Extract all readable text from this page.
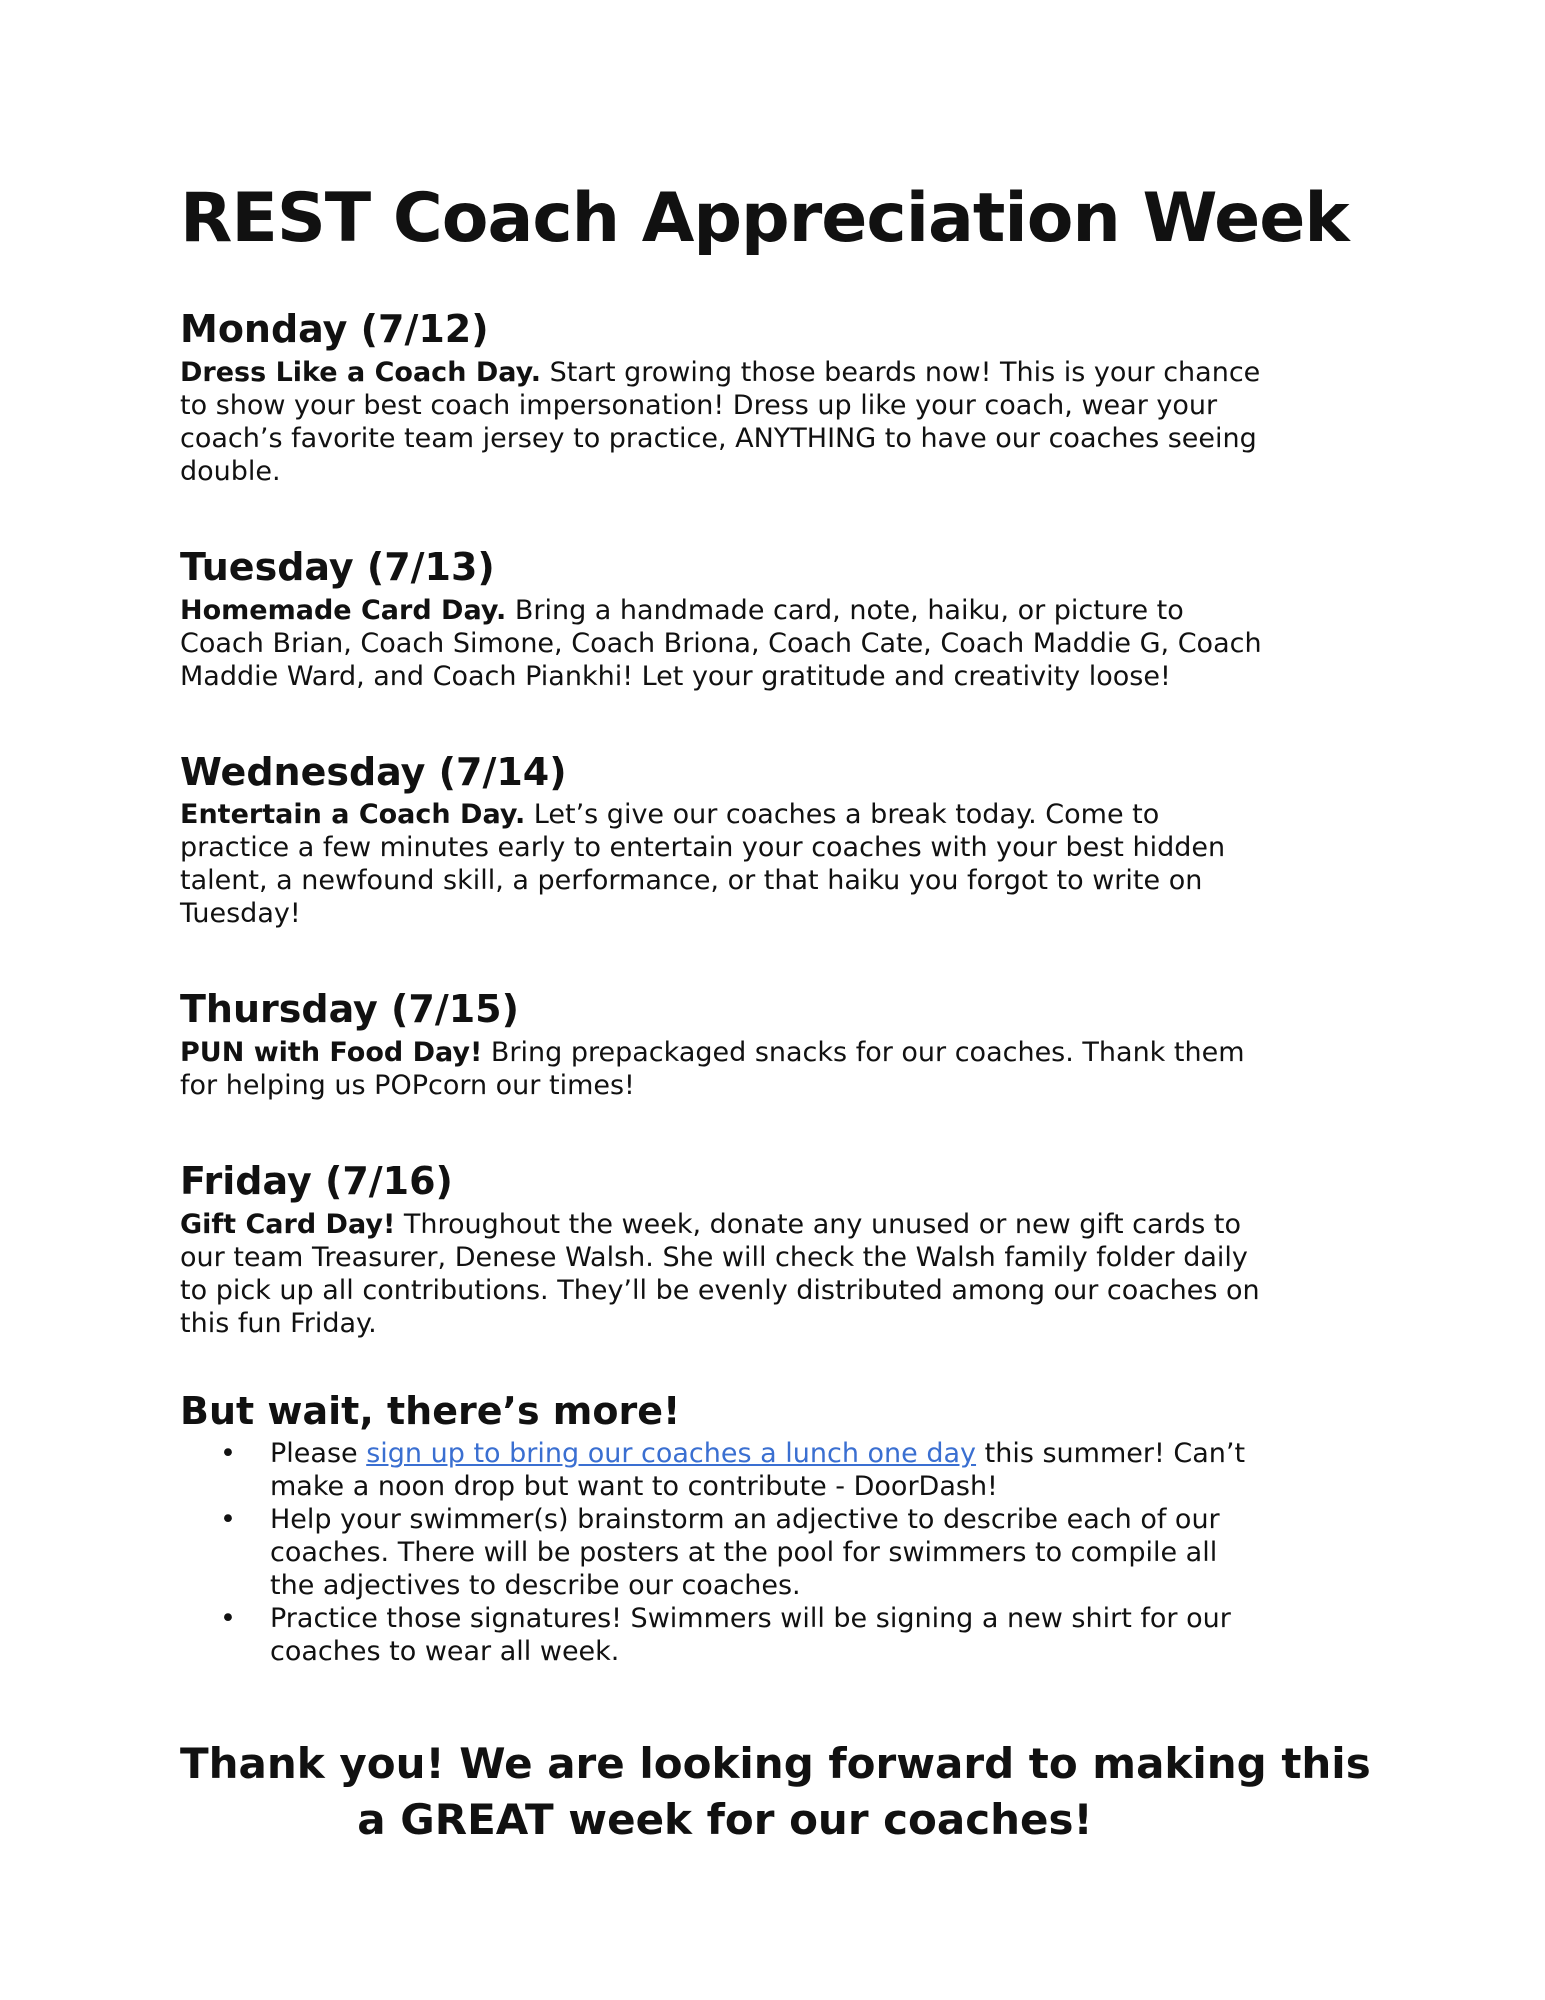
REST Coach Appreciation Week
Monday (7/12)

Dress Like a Coach Day. Start growing those beards now! This is your chance to show your best coach impersonation! Dress up like your coach, wear your coach’s favorite team jersey to practice, ANYTHING to have our coaches seeing double.

Tuesday (7/13)

Homemade Card Day. Bring a handmade card, note, haiku, or picture to Coach Brian, Coach Simone, Coach Briona, Coach Cate, Coach Maddie G, Coach Maddie Ward, and Coach Piankhi! Let your gratitude and creativity loose!

Wednesday (7/14)

Entertain a Coach Day. Let’s give our coaches a break today. Come to practice a few minutes early to entertain your coaches with your best hidden talent, a newfound skill, a performance, or that haiku you forgot to write on Tuesday!

Thursday (7/15)

PUN with Food Day! Bring prepackaged snacks for our coaches. Thank them for helping us POPcorn our times!

Friday (7/16)

Gift Card Day! Throughout the week, donate any unused or new gift cards to our team Treasurer, Denese Walsh. She will check the Walsh family folder daily to pick up all contributions. They’ll be evenly distributed among our coaches on this fun Friday.

But wait, there’s more!
• Please sign up to bring our coaches a lunch one day this summer! Can’t make a noon drop but want to contribute - DoorDash!
• Help your swimmer(s) brainstorm an adjective to describe each of our coaches. There will be posters at the pool for swimmers to compile all the adjectives to describe our coaches.
• Practice those signatures! Swimmers will be signing a new shirt for our coaches to wear all week.
Thank you! We are looking forward to making this
a GREAT week for our coaches!
